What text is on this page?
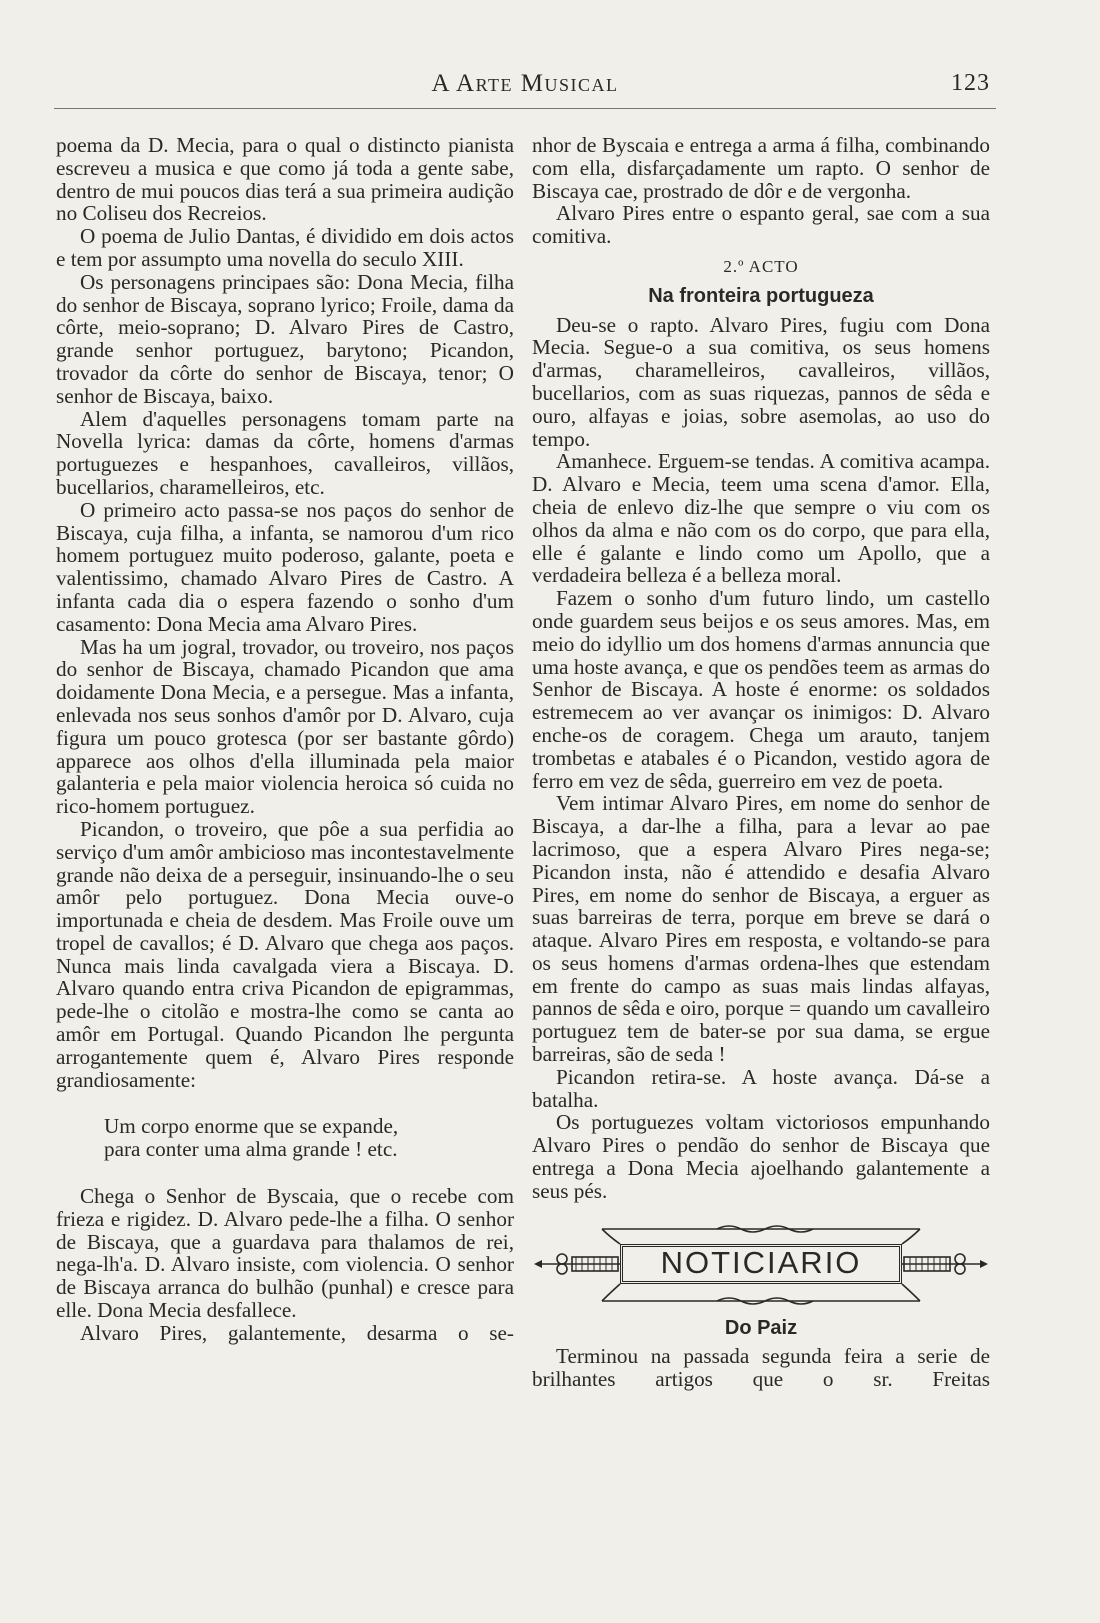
A Arte Musical	123

poema da D. Mecia, para o qual o distincto pianista escreveu a musica e que como já toda a gente sabe, dentro de mui poucos dias terá a sua primeira audição no Coliseu dos Recreios.

O poema de Julio Dantas, é dividido em dois actos e tem por assumpto uma novella do seculo XIII.

Os personagens principaes são: Dona Mecia, filha do senhor de Biscaya, soprano lyrico; Froile, dama da côrte, meio-soprano; D. Alvaro Pires de Castro, grande senhor portuguez, barytono; Picandon, trovador da côrte do senhor de Biscaya, tenor; O senhor de Biscaya, baixo.

Alem d'aquelles personagens tomam parte na Novella lyrica: damas da côrte, homens d'armas portuguezes e hespanhoes, cavalleiros, villãos, bucellarios, charamelleiros, etc.

O primeiro acto passa-se nos paços do senhor de Biscaya, cuja filha, a infanta, se namorou d'um rico homem portuguez muito poderoso, galante, poeta e valentissimo, chamado Alvaro Pires de Castro. A infanta cada dia o espera fazendo o sonho d'um casamento: Dona Mecia ama Alvaro Pires.

Mas ha um jogral, trovador, ou troveiro, nos paços do senhor de Biscaya, chamado Picandon que ama doidamente Dona Mecia, e a persegue. Mas a infanta, enlevada nos seus sonhos d'amôr por D. Alvaro, cuja figura um pouco grotesca (por ser bastante gôrdo) apparece aos olhos d'ella illuminada pela maior galanteria e pela maior violencia heroica só cuida no rico-homem portuguez.

Picandon, o troveiro, que pôe a sua perfidia ao serviço d'um amôr ambicioso mas incontestavelmente grande não deixa de a perseguir, insinuando-lhe o seu amôr pelo portuguez. Dona Mecia ouve-o importunada e cheia de desdem. Mas Froile ouve um tropel de cavallos; é D. Alvaro que chega aos paços. Nunca mais linda cavalgada viera a Biscaya. D. Alvaro quando entra criva Picandon de epigrammas, pede-lhe o citolão e mostra-lhe como se canta ao amôr em Portugal. Quando Picandon lhe pergunta arrogantemente quem é, Alvaro Pires responde grandiosamente:

Um corpo enorme que se expande,
para conter uma alma grande ! etc.

Chega o Senhor de Byscaia, que o recebe com frieza e rigidez. D. Alvaro pede-lhe a filha. O senhor de Biscaya, que a guardava para thalamos de rei, nega-lh'a. D. Alvaro insiste, com violencia. O senhor de Biscaya arranca do bulhão (punhal) e cresce para elle. Dona Mecia desfallece.

Alvaro Pires, galantemente, desarma o se-

nhor de Byscaia e entrega a arma á filha, combinando com ella, disfarçadamente um rapto. O senhor de Biscaya cae, prostrado de dôr e de vergonha.

Alvaro Pires entre o espanto geral, sae com a sua comitiva.

2.º ACTO
Na fronteira portugueza

Deu-se o rapto. Alvaro Pires, fugiu com Dona Mecia. Segue-o a sua comitiva, os seus homens d'armas, charamelleiros, cavalleiros, villãos, bucellarios, com as suas riquezas, pannos de sêda e ouro, alfayas e joias, sobre asemolas, ao uso do tempo.

Amanhece. Erguem-se tendas. A comitiva acampa. D. Alvaro e Mecia, teem uma scena d'amor. Ella, cheia de enlevo diz-lhe que sempre o viu com os olhos da alma e não com os do corpo, que para ella, elle é galante e lindo como um Apollo, que a verdadeira belleza é a belleza moral.

Fazem o sonho d'um futuro lindo, um castello onde guardem seus beijos e os seus amores. Mas, em meio do idyllio um dos homens d'armas annuncia que uma hoste avança, e que os pendões teem as armas do Senhor de Biscaya. A hoste é enorme: os soldados estremecem ao ver avançar os inimigos: D. Alvaro enche-os de coragem. Chega um arauto, tanjem trombetas e atabales é o Picandon, vestido agora de ferro em vez de sêda, guerreiro em vez de poeta.

Vem intimar Alvaro Pires, em nome do senhor de Biscaya, a dar-lhe a filha, para a levar ao pae lacrimoso, que a espera Alvaro Pires nega-se; Picandon insta, não é attendido e desafia Alvaro Pires, em nome do senhor de Biscaya, a erguer as suas barreiras de terra, porque em breve se dará o ataque. Alvaro Pires em resposta, e voltando-se para os seus homens d'armas ordena-lhes que estendam em frente do campo as suas mais lindas alfayas, pannos de sêda e oiro, porque = quando um cavalleiro portuguez tem de bater-se por sua dama, se ergue barreiras, são de seda !

Picandon retira-se. A hoste avança. Dá-se a batalha.

Os portuguezes voltam victoriosos empunhando Alvaro Pires o pendão do senhor de Biscaya que entrega a Dona Mecia ajoelhando galantemente a seus pés.

NOTICIARIO
Do Paiz

Terminou na passada segunda feira a serie de brilhantes artigos que o sr. Freitas
